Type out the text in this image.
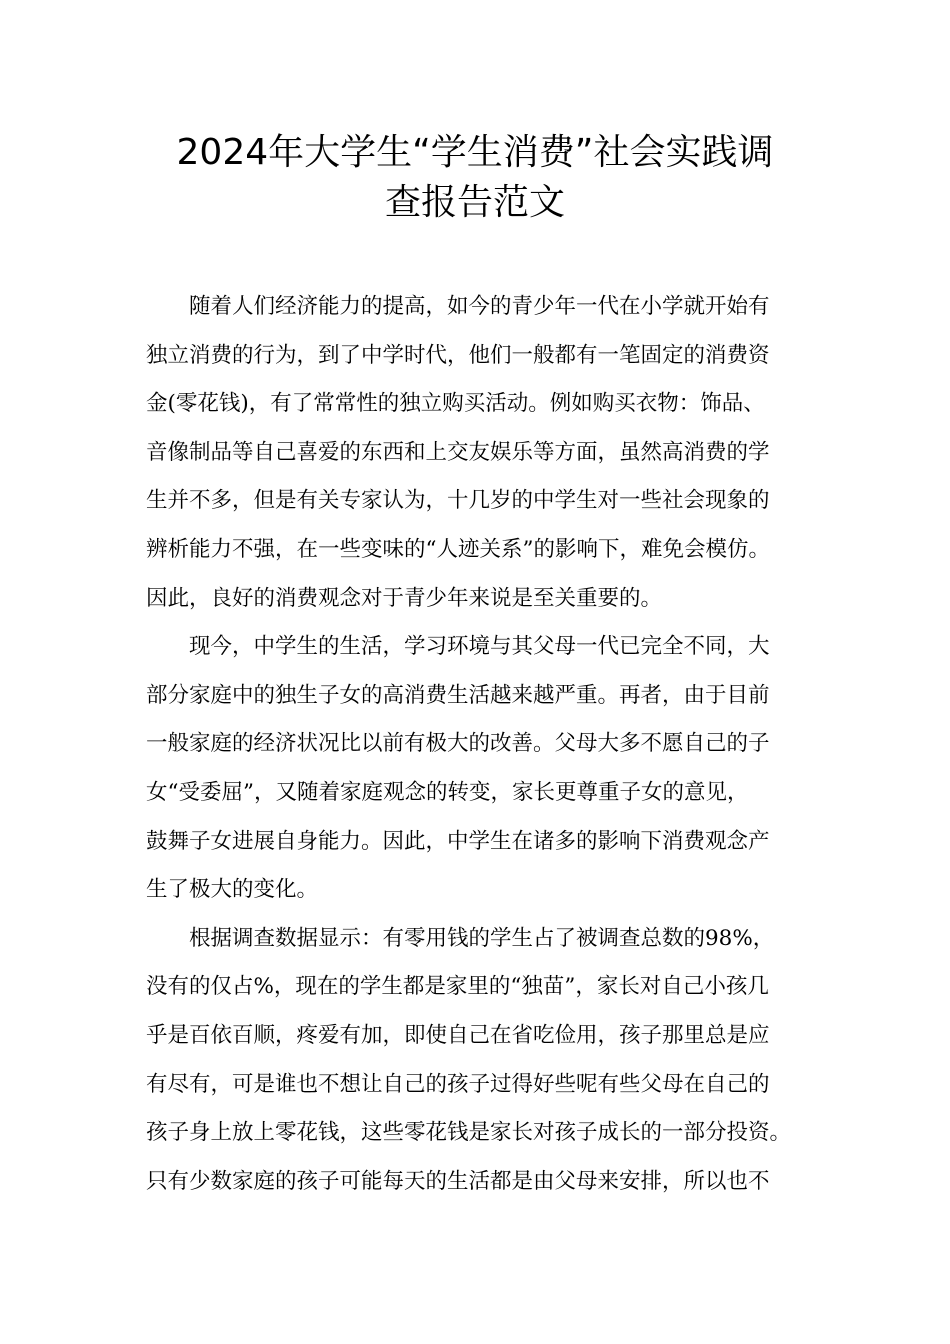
2024年大学生“学生消费”社会实践调
查报告范文
随着人们经济能力的提高，如今的青少年一代在小学就开始有
独立消费的行为，到了中学时代，他们一般都有一笔固定的消费资
金(零花钱)，有了常常性的独立购买活动。例如购买衣物：饰品、
音像制品等自己喜爱的东西和上交友娱乐等方面，虽然高消费的学
生并不多，但是有关专家认为，十几岁的中学生对一些社会现象的
辨析能力不强，在一些变味的“人迹关系”的影响下，难免会模仿。
因此，良好的消费观念对于青少年来说是至关重要的。
现今，中学生的生活，学习环境与其父母一代已完全不同，大
部分家庭中的独生子女的高消费生活越来越严重。再者，由于目前
一般家庭的经济状况比以前有极大的改善。父母大多不愿自己的子
女“受委屈”，又随着家庭观念的转变，家长更尊重子女的意见，
鼓舞子女进展自身能力。因此，中学生在诸多的影响下消费观念产
生了极大的变化。
根据调查数据显示：有零用钱的学生占了被调查总数的98%，
没有的仅占%，现在的学生都是家里的“独苗”，家长对自己小孩几
乎是百依百顺，疼爱有加，即使自己在省吃俭用，孩子那里总是应
有尽有，可是谁也不想让自己的孩子过得好些呢有些父母在自己的
孩子身上放上零花钱，这些零花钱是家长对孩子成长的一部分投资。
只有少数家庭的孩子可能每天的生活都是由父母来安排，所以也不
